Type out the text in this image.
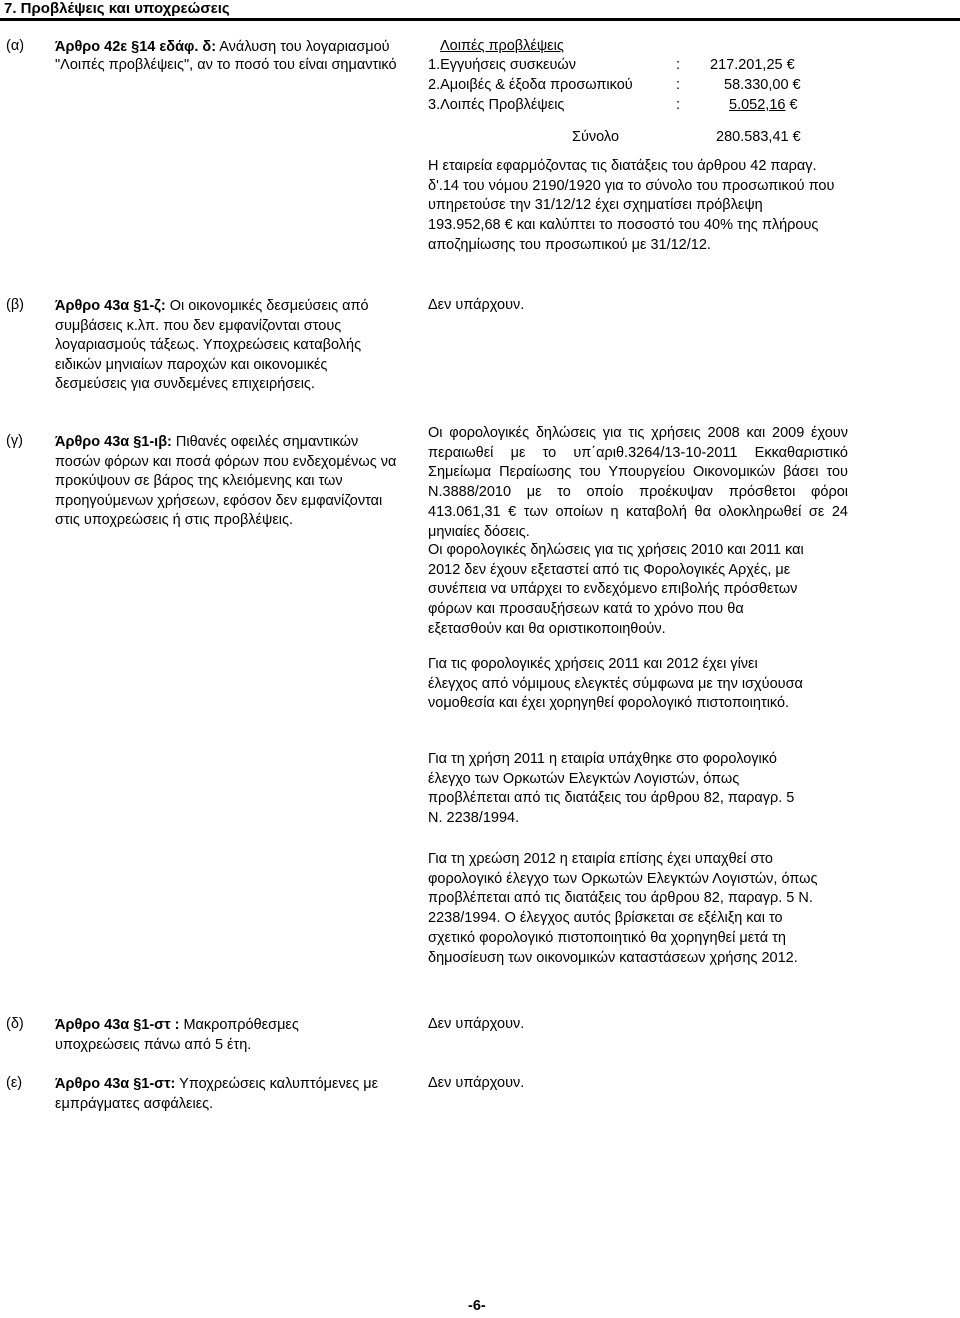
7. Προβλέψεις και υποχρεώσεις
(α) Άρθρο 42ε §14 εδάφ. δ: Ανάλυση του λογαριασμού "Λοιπές προβλέψεις", αν το ποσό του είναι σημαντικό
Λοιπές προβλέψεις
1.Εγγυήσεις συσκευών	: 217.201,25 €
2.Αμοιβές & έξοδα προσωπικού	:	58.330,00 €
3.Λοιπές Προβλέψεις	:	5.052,16 €
Σύνολο	280.583,41 €
Η εταιρεία εφαρμόζοντας τις διατάξεις του άρθρου 42 παραγ. δ'.14 του νόμου 2190/1920 για το σύνολο του προσωπικού που υπηρετούσε την 31/12/12 έχει σχηματίσει πρόβλεψη 193.952,68 € και καλύπτει το ποσοστό του 40% της πλήρους αποζημίωσης του προσωπικού με 31/12/12.
(β) Άρθρο 43α §1-ζ: Οι οικονομικές δεσμεύσεις από συμβάσεις κ.λπ. που δεν εμφανίζονται στους λογαριασμούς τάξεως. Υποχρεώσεις καταβολής ειδικών μηνιαίων παροχών και οικονομικές δεσμεύσεις για συνδεμένες επιχειρήσεις.
Δεν υπάρχουν.
(γ) Άρθρο 43α §1-ιβ: Πιθανές οφειλές σημαντικών ποσών φόρων και ποσά φόρων που ενδεχομένως να προκύψουν σε βάρος της κλειόμενης και των προηγούμενων χρήσεων, εφόσον δεν εμφανίζονται στις υποχρεώσεις ή στις προβλέψεις.
Οι φορολογικές δηλώσεις για τις χρήσεις 2008 και 2009 έχουν περαιωθεί με το υπ΄αριθ.3264/13-10-2011 Εκκαθαριστικό Σημείωμα Περαίωσης του Υπουργείου Οικονομικών βάσει του Ν.3888/2010 με το οποίο προέκυψαν πρόσθετοι φόροι 413.061,31 € των οποίων η καταβολή θα ολοκληρωθεί σε 24 μηνιαίες δόσεις.
Οι φορολογικές δηλώσεις για τις χρήσεις 2010 και 2011 και 2012 δεν έχουν εξεταστεί από τις Φορολογικές Αρχές, με συνέπεια να υπάρχει το ενδεχόμενο επιβολής πρόσθετων φόρων και προσαυξήσεων κατά το χρόνο που θα εξετασθούν και θα οριστικοποιηθούν.
Για τις φορολογικές χρήσεις 2011 και 2012 έχει γίνει έλεγχος από νόμιμους ελεγκτές σύμφωνα με την ισχύουσα νομοθεσία και έχει χορηγηθεί φορολογικό πιστοποιητικό.
Για τη χρήση 2011 η εταιρία υπάχθηκε στο φορολογικό έλεγχο των Ορκωτών Ελεγκτών Λογιστών, όπως προβλέπεται από τις διατάξεις του άρθρου 82, παραγρ. 5 Ν. 2238/1994.
Για τη χρεώση 2012 η εταιρία επίσης έχει υπαχθεί στο φορολογικό έλεγχο των Ορκωτών Ελεγκτών Λογιστών, όπως προβλέπεται από τις διατάξεις του άρθρου 82, παραγρ. 5 Ν. 2238/1994. Ο έλεγχος αυτός βρίσκεται σε εξέλιξη και το σχετικό φορολογικό πιστοποιητικό θα χορηγηθεί μετά τη δημοσίευση των οικονομικών καταστάσεων χρήσης 2012.
(δ) Άρθρο 43α §1-στ : Μακροπρόθεσμες υποχρεώσεις πάνω από 5 έτη.
Δεν υπάρχουν.
(ε) Άρθρο 43α §1-στ: Υποχρεώσεις καλυπτόμενες με εμπράγματες ασφάλειες.
Δεν υπάρχουν.
-6-
